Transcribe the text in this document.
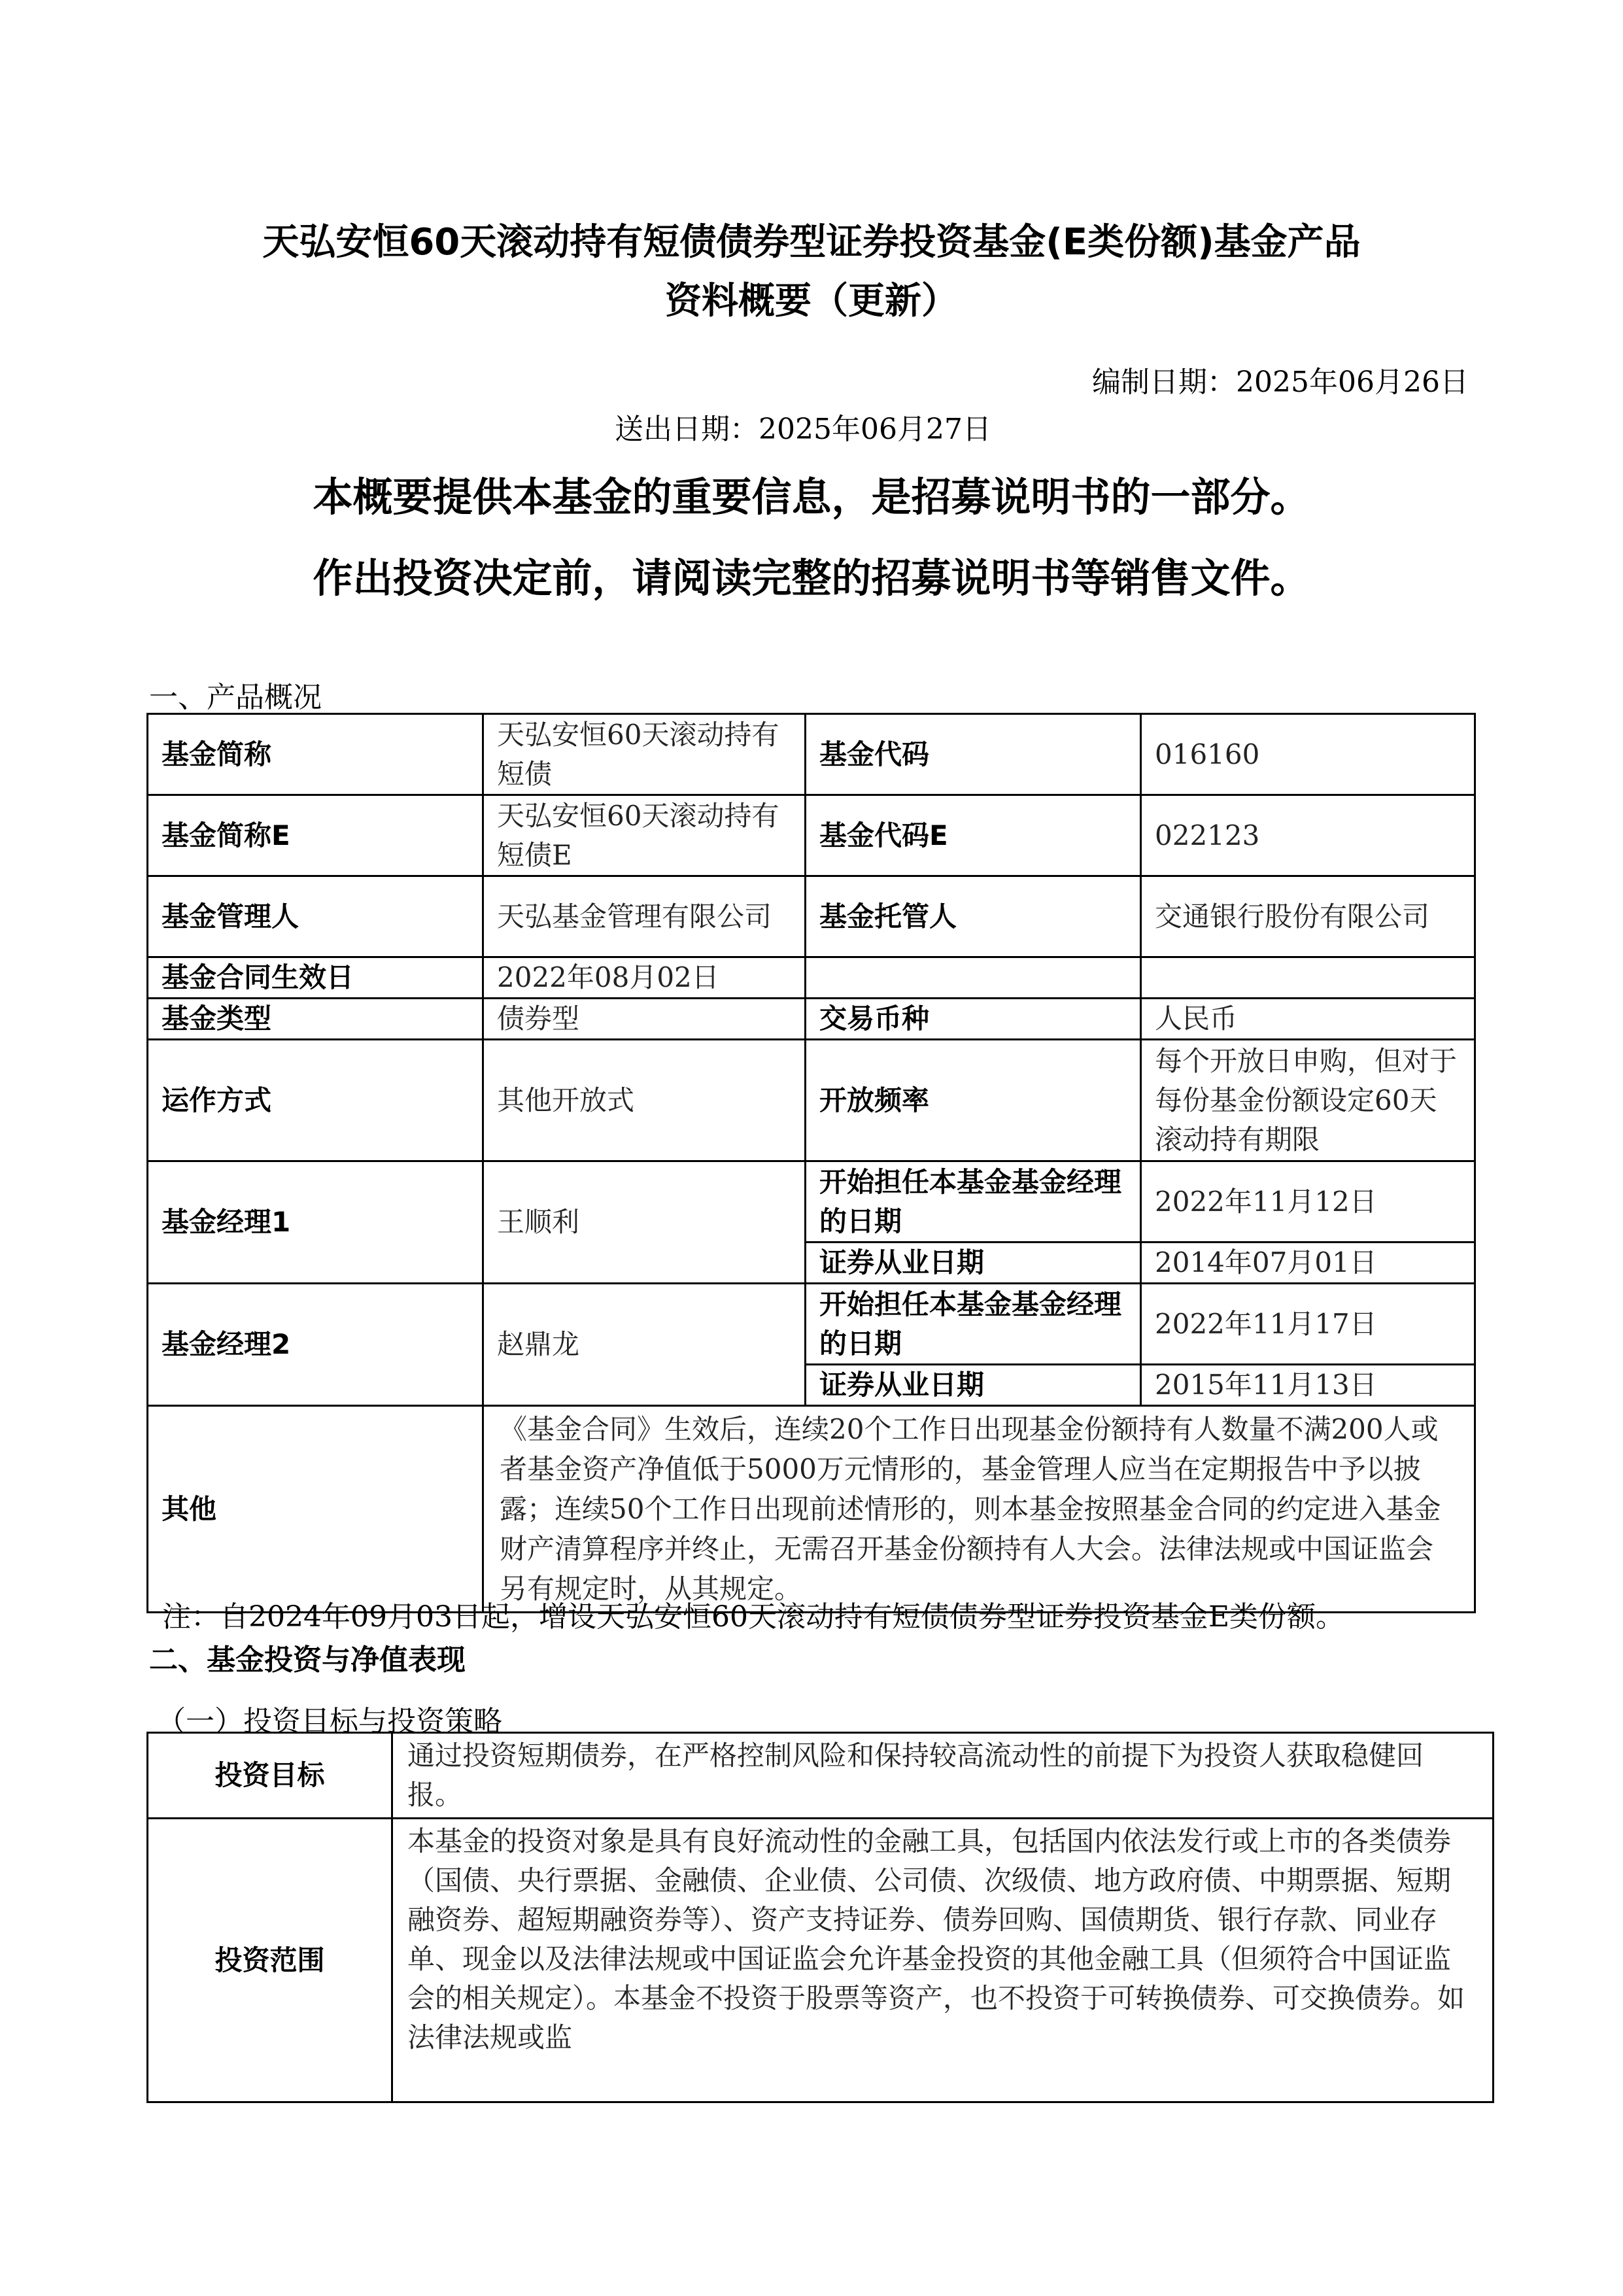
天弘安恒60天滚动持有短债债券型证券投资基金(E类份额)基金产品
资料概要（更新）
编制日期：2025年06月26日
送出日期：2025年06月27日
本概要提供本基金的重要信息，是招募说明书的一部分。
作出投资决定前，请阅读完整的招募说明书等销售文件。
一、产品概况
基金简称	天弘安恒60天滚动持有短债	基金代码	016160
基金简称E	天弘安恒60天滚动持有短债E	基金代码E	022123
基金管理人	天弘基金管理有限公司	基金托管人	交通银行股份有限公司
基金合同生效日	2022年08月02日		
基金类型	债券型	交易币种	人民币
运作方式	其他开放式	开放频率	每个开放日申购，但对于每份基金份额设定60天滚动持有期限
基金经理1	王顺利	开始担任本基金基金经理的日期	2022年11月12日
		证券从业日期	2014年07月01日
基金经理2	赵鼎龙	开始担任本基金基金经理的日期	2022年11月17日
		证券从业日期	2015年11月13日
其他	《基金合同》生效后，连续20个工作日出现基金份额持有人数量不满200人或者基金资产净值低于5000万元情形的，基金管理人应当在定期报告中予以披露；连续50个工作日出现前述情形的，则本基金按照基金合同的约定进入基金财产清算程序并终止，无需召开基金份额持有人大会。法律法规或中国证监会另有规定时，从其规定。		
注：自2024年09月03日起，增设天弘安恒60天滚动持有短债债券型证券投资基金E类份额。
二、基金投资与净值表现
（一）投资目标与投资策略
投资目标	通过投资短期债券，在严格控制风险和保持较高流动性的前提下为投资人获取稳健回报。
投资范围	本基金的投资对象是具有良好流动性的金融工具，包括国内依法发行或上市的各类债券（国债、央行票据、金融债、企业债、公司债、次级债、地方政府债、中期票据、短期融资券、超短期融资券等）、资产支持证券、债券回购、国债期货、银行存款、同业存单、现金以及法律法规或中国证监会允许基金投资的其他金融工具（但须符合中国证监会的相关规定）。本基金不投资于股票等资产，也不投资于可转换债券、可交换债券。如法律法规或监
